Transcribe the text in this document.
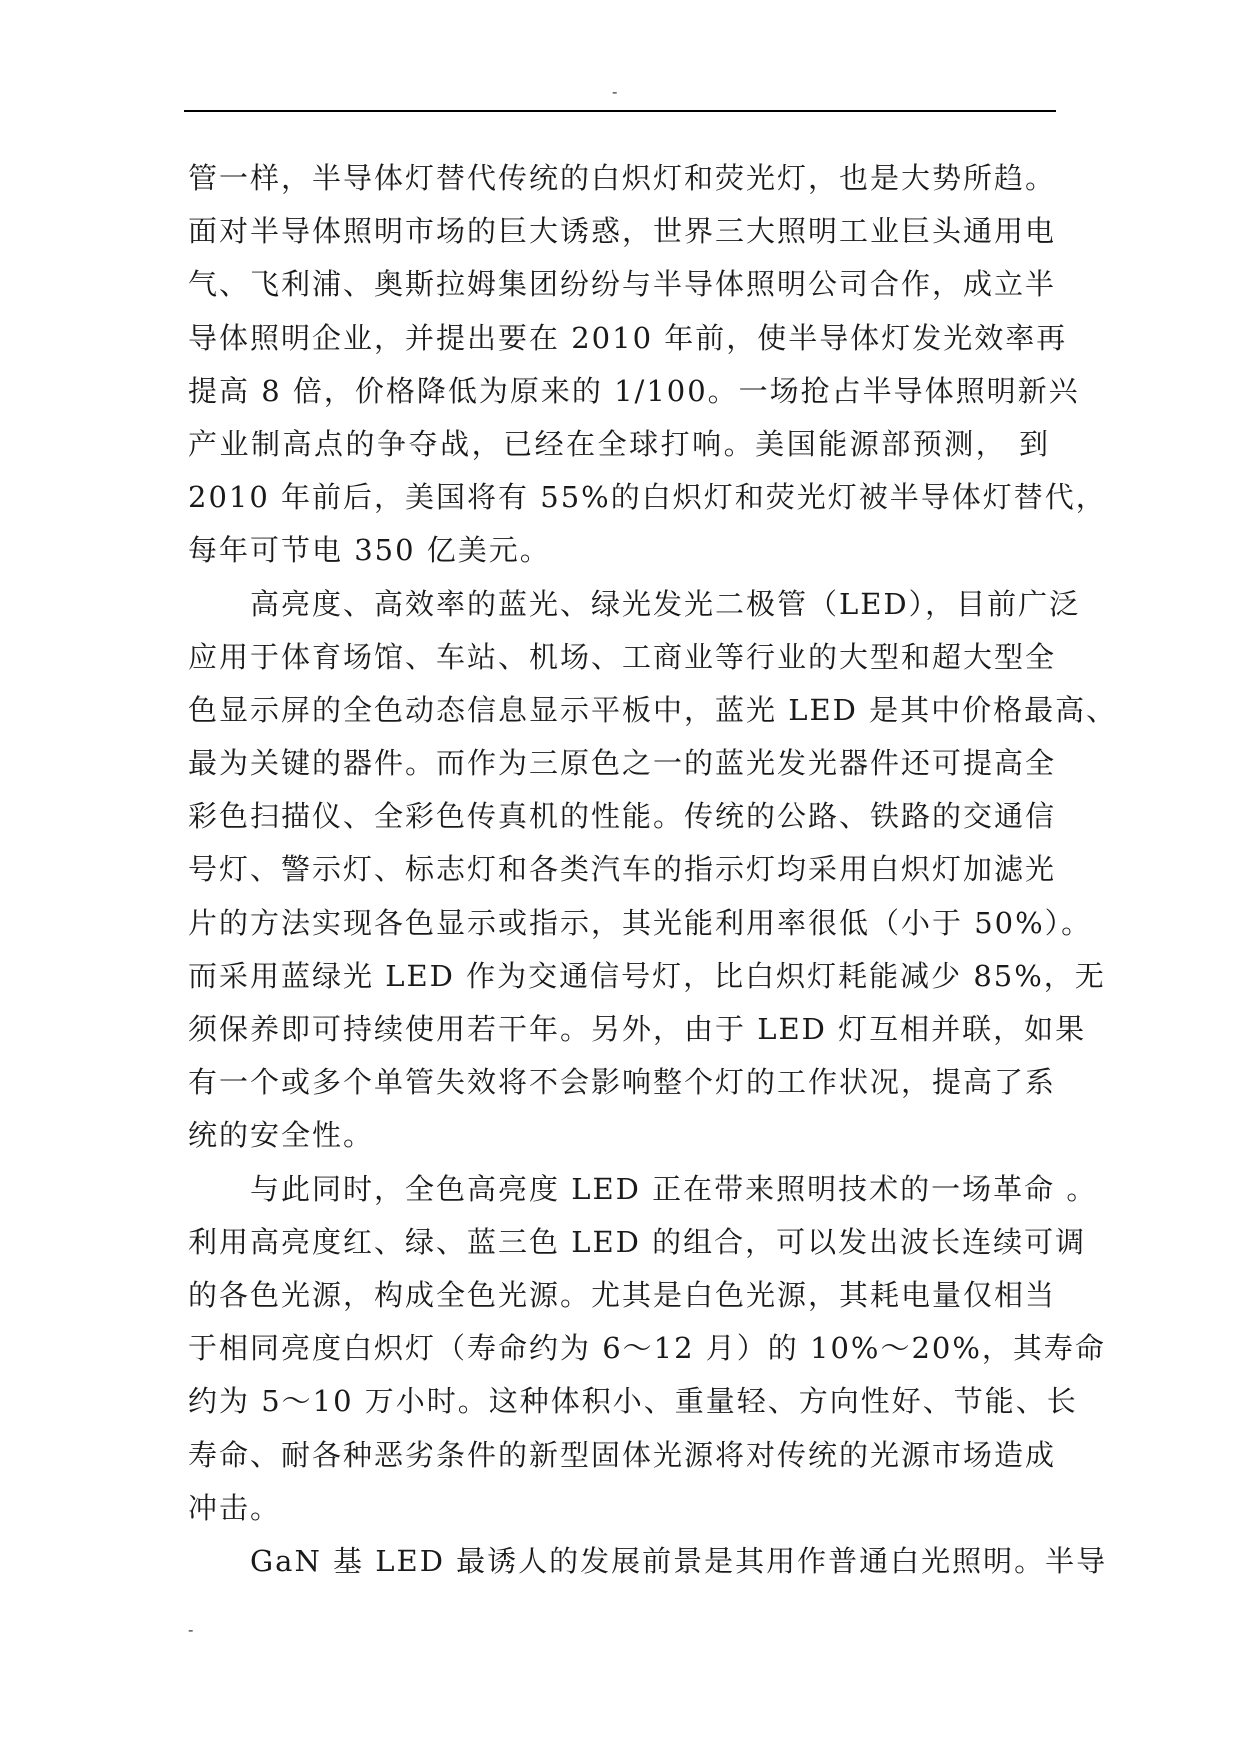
-
管一样，半导体灯替代传统的白炽灯和荧光灯，也是大势所趋。
面对半导体照明市场的巨大诱惑，世界三大照明工业巨头通用电
气、飞利浦、奥斯拉姆集团纷纷与半导体照明公司合作，成立半
导体照明企业，并提出要在 2010 年前，使半导体灯发光效率再
提高 8 倍，价格降低为原来的 1/100。一场抢占半导体照明新兴
产业制高点的争夺战，已经在全球打响。美国能源部预测， 到
2010 年前后，美国将有 55%的白炽灯和荧光灯被半导体灯替代，
每年可节电 350 亿美元。
高亮度、高效率的蓝光、绿光发光二极管（LED），目前广泛
应用于体育场馆、车站、机场、工商业等行业的大型和超大型全
色显示屏的全色动态信息显示平板中，蓝光 LED 是其中价格最高、
最为关键的器件。而作为三原色之一的蓝光发光器件还可提高全
彩色扫描仪、全彩色传真机的性能。传统的公路、铁路的交通信
号灯、警示灯、标志灯和各类汽车的指示灯均采用白炽灯加滤光
片的方法实现各色显示或指示，其光能利用率很低（小于 50%）。
而采用蓝绿光 LED 作为交通信号灯，比白炽灯耗能减少 85%，无
须保养即可持续使用若干年。另外，由于 LED 灯互相并联，如果
有一个或多个单管失效将不会影响整个灯的工作状况，提高了系
统的安全性。
与此同时，全色高亮度 LED 正在带来照明技术的一场革命 。
利用高亮度红、绿、蓝三色 LED 的组合，可以发出波长连续可调
的各色光源，构成全色光源。尤其是白色光源，其耗电量仅相当
于相同亮度白炽灯（寿命约为 6～12 月）的 10%～20%，其寿命
约为 5～10 万小时。这种体积小、重量轻、方向性好、节能、长
寿命、耐各种恶劣条件的新型固体光源将对传统的光源市场造成
冲击。
GaN 基 LED 最诱人的发展前景是其用作普通白光照明。半导
-
